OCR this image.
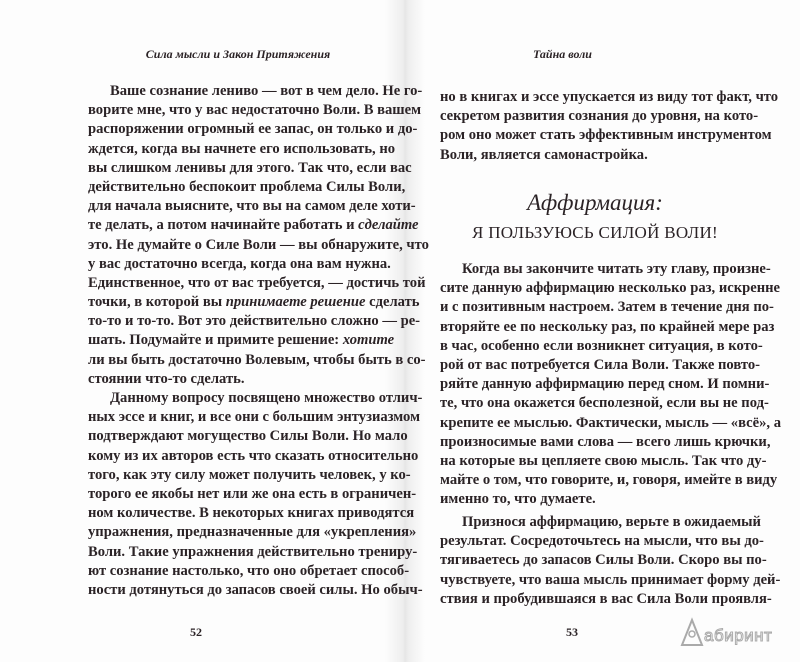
Сила мысли и Закон Притяжения	Тайна воли
Ваше сознание лениво — вот в чем дело. Не го-
ворите мне, что у вас недостаточно Воли. В вашем
распоряжении огромный ее запас, он только и до-
ждется, когда вы начнете его использовать, но
вы слишком ленивы для этого. Так что, если вас
действительно беспокоит проблема Силы Воли,
для начала выясните, что вы на самом деле хоти-
те делать, а потом начинайте работать и сделайте
это. Не думайте о Силе Воли — вы обнаружите, что
у вас достаточно всегда, когда она вам нужна.
Единственное, что от вас требуется, — достичь той
точки, в которой вы принимаете решение сделать
то-то и то-то. Вот это действительно сложно — ре-
шать. Подумайте и примите решение: хотите
ли вы быть достаточно Волевым, чтобы быть в со-
стоянии что-то сделать.
Данному вопросу посвящено множество отлич-
ных эссе и книг, и все они с большим энтузиазмом
подтверждают могущество Силы Воли. Но мало
кому из их авторов есть что сказать относительно
того, как эту силу может получить человек, у ко-
торого ее якобы нет или же она есть в ограничен-
ном количестве. В некоторых книгах приводятся
упражнения, предназначенные для «укрепления»
Воли. Такие упражнения действительно трениру-
ют сознание настолько, что оно обретает способ-
ности дотянуться до запасов своей силы. Но обыч-
но в книгах и эссе упускается из виду тот факт, что
секретом развития сознания до уровня, на кото-
ром оно может стать эффективным инструментом
Воли, является самонастройка.
Аффирмация:
Я ПОЛЬЗУЮСЬ СИЛОЙ ВОЛИ!
Когда вы закончите читать эту главу, произне-
сите данную аффирмацию несколько раз, искренне
и с позитивным настроем. Затем в течение дня по-
вторяйте ее по нескольку раз, по крайней мере раз
в час, особенно если возникнет ситуация, в кото-
рой от вас потребуется Сила Воли. Также повто-
ряйте данную аффирмацию перед сном. И помни-
те, что она окажется бесполезной, если вы не под-
крепите ее мыслью. Фактически, мысль — «всё», а
произносимые вами слова — всего лишь крючки,
на которые вы цепляете свою мысль. Так что ду-
майте о том, что говорите, и, говоря, имейте в виду
именно то, что думаете.
Признося аффирмацию, верьте в ожидаемый
результат. Сосредоточьтесь на мысли, что вы до-
тягиваетесь до запасов Силы Воли. Скоро вы по-
чувствуете, что ваша мысль принимает форму дей-
ствия и пробудившаяся в вас Сила Воли проявля-
52	53	абиринт
